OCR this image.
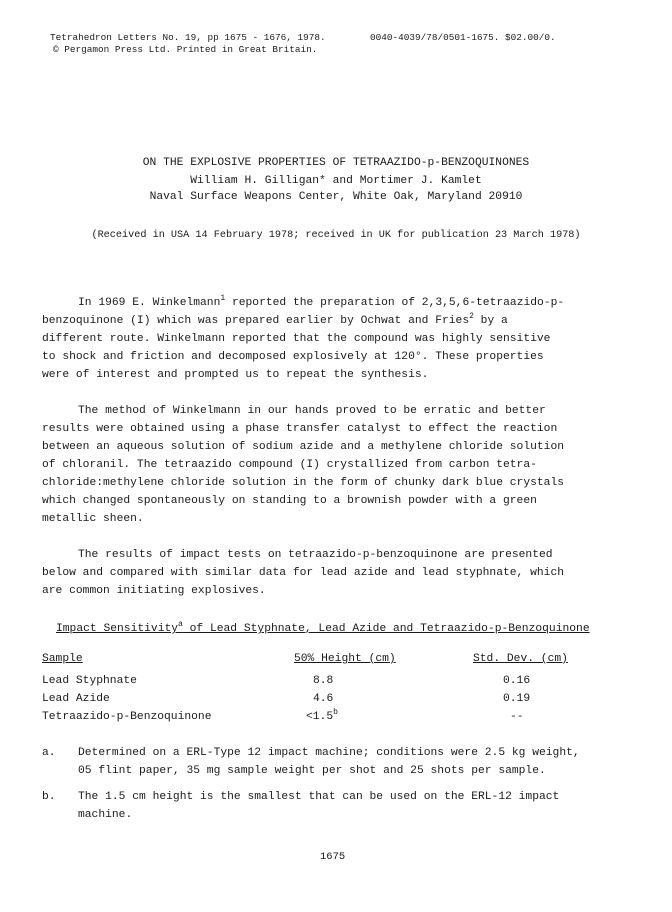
Tetrahedron Letters No. 19, pp 1675 - 1676, 1978.	0040-4039/78/0501-1675. $02.00/0.
© Pergamon Press Ltd. Printed in Great Britain.
ON THE EXPLOSIVE PROPERTIES OF TETRAAZIDO-p-BENZOQUINONES
William H. Gilligan* and Mortimer J. Kamlet
Naval Surface Weapons Center, White Oak, Maryland 20910
(Received in USA 14 February 1978; received in UK for publication 23 March 1978)
In 1969 E. Winkelmann$^1$ reported the preparation of 2,3,5,6-tetraazido-p-
benzoquinone (I) which was prepared earlier by Ochwat and Fries$^2$ by a
different route. Winkelmann reported that the compound was highly sensitive
to shock and friction and decomposed explosively at 120°. These properties
were of interest and prompted us to repeat the synthesis.
The method of Winkelmann in our hands proved to be erratic and better
results were obtained using a phase transfer catalyst to effect the reaction
between an aqueous solution of sodium azide and a methylene chloride solution
of chloranil. The tetraazido compound (I) crystallized from carbon tetra-
chloride:methylene chloride solution in the form of chunky dark blue crystals
which changed spontaneously on standing to a brownish powder with a green
metallic sheen.
The results of impact tests on tetraazido-p-benzoquinone are presented
below and compared with similar data for lead azide and lead styphnate, which
are common initiating explosives.
Impact Sensitivity$^a$ of Lead Styphnate, Lead Azide and Tetraazido-p-Benzoquinone
Sample	50% Height (cm)	Std. Dev. (cm)
Lead Styphnate	8.8	0.16
Lead Azide	4.6	0.19
Tetraazido-p-Benzoquinone	<1.5$^b$	--
a. Determined on a ERL-Type 12 impact machine; conditions were 2.5 kg weight,
05 flint paper, 35 mg sample weight per shot and 25 shots per sample.
b. The 1.5 cm height is the smallest that can be used on the ERL-12 impact
machine.
1675
